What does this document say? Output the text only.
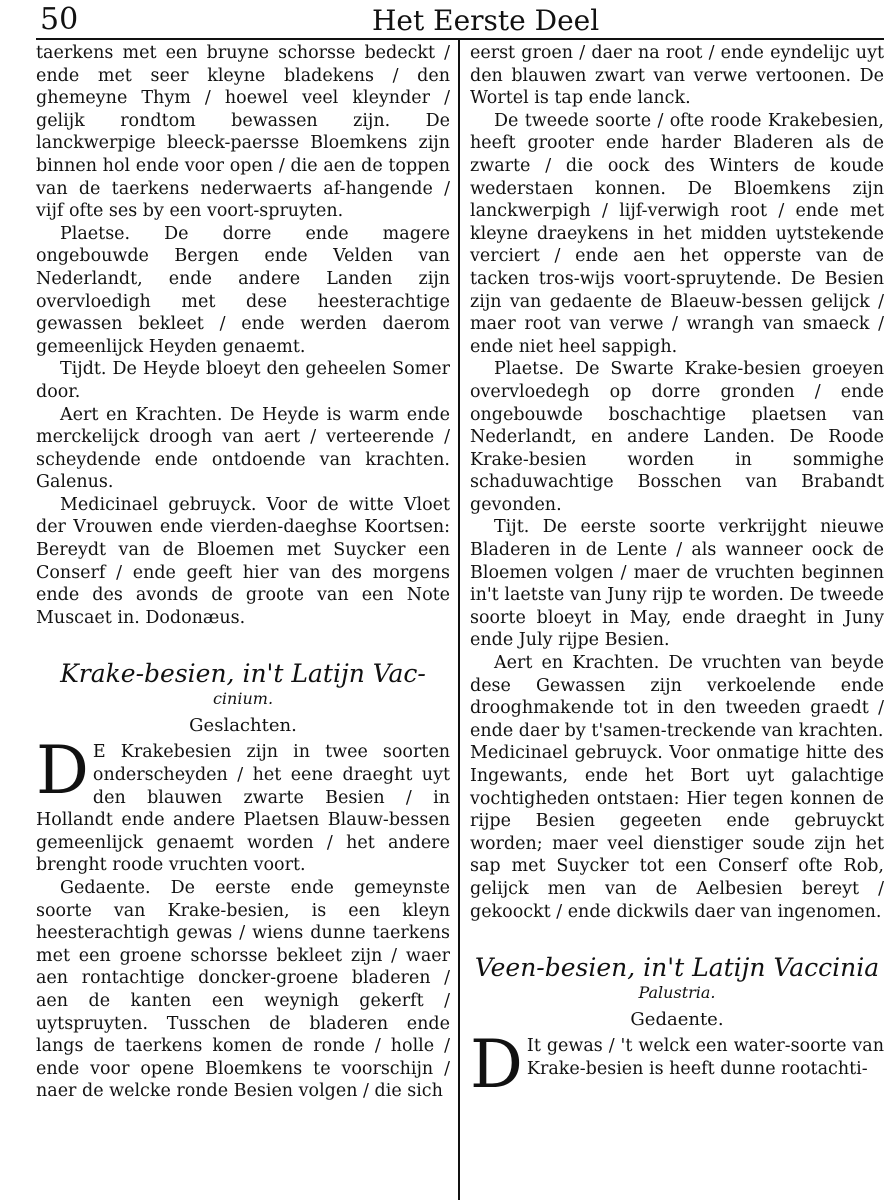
50	Het Eerste Deel

taerkens met een bruyne schorsse bedeckt / ende met seer kleyne bladekens / den ghemeyne Thym / hoewel veel kleynder / gelijk rondtom bewassen zijn. De lanckwerpige bleeck-paersse Bloemkens zijn binnen hol ende voor open / die aen de toppen van de taerkens nederwaerts af-hangende / vijf ofte ses by een voort-spruyten.

Plaetse. De dorre ende magere ongebouwde Bergen ende Velden van Nederlandt, ende andere Landen zijn overvloedigh met dese heesterachtige gewassen bekleet / ende werden daerom gemeenlijck Heyden genaemt.

Tijdt. De Heyde bloeyt den geheelen Somer door.

Aert en Krachten. De Heyde is warm ende merckelijck droogh van aert / verteerende / scheydende ende ontdoende van krachten. Galenus.

Medicinael gebruyck. Voor de witte Vloet der Vrouwen ende vierden-daeghse Koortsen: Bereydt van de Bloemen met Suycker een Conserf / ende geeft hier van des morgens ende des avonds de groote van een Note Muscaet in. Dodonæus.

Krake-besien, in't Latijn Vac-

cinium.

Geslachten.

D E Krakebesien zijn in twee soorten onderscheyden / het eene draeght uyt den blauwen zwarte Besien / in Hollandt ende andere Plaetsen Blauw-bessen gemeenlijck genaemt worden / het andere brenght roode vruchten voort.

Gedaente. De eerste ende gemeynste soorte van Krake-besien, is een kleyn heesterachtigh gewas / wiens dunne taerkens met een groene schorsse bekleet zijn / waer aen rontachtige doncker-groene bladeren / aen de kanten een weynigh gekerft / uytspruyten. Tusschen de bladeren ende langs de taerkens komen de ronde / holle / ende voor opene Bloemkens te voorschijn / naer de welcke ronde Besien volgen / die sich

eerst groen / daer na root / ende eyndelijc uyt den blauwen zwart van verwe vertoonen. De Wortel is tap ende lanck.

De tweede soorte / ofte roode Krakebesien, heeft grooter ende harder Bladeren als de zwarte / die oock des Winters de koude wederstaen konnen. De Bloemkens zijn lanckwerpigh / lijf-verwigh root / ende met kleyne draeykens in het midden uytstekende verciert / ende aen het opperste van de tacken tros-wijs voort-spruytende. De Besien zijn van gedaente de Blaeuw-bessen gelijck / maer root van verwe / wrangh van smaeck / ende niet heel sappigh.

Plaetse. De Swarte Krake-besien groeyen overvloedegh op dorre gronden / ende ongebouwde boschachtige plaetsen van Nederlandt, en andere Landen. De Roode Krake-besien worden in sommighe schaduwachtige Bosschen van Brabandt gevonden.

Tijt. De eerste soorte verkrijght nieuwe Bladeren in de Lente / als wanneer oock de Bloemen volgen / maer de vruchten beginnen in't laetste van Juny rijp te worden. De tweede soorte bloeyt in May, ende draeght in Juny ende July rijpe Besien.

Aert en Krachten. De vruchten van beyde dese Gewassen zijn verkoelende ende drooghmakende tot in den tweeden graedt / ende daer by t'samen-treckende van krachten.

Medicinael gebruyck. Voor onmatige hitte des Ingewants, ende het Bort uyt galachtige vochtigheden ontstaen: Hier tegen konnen de rijpe Besien gegeeten ende gebruyckt worden; maer veel dienstiger soude zijn het sap met Suycker tot een Conserf ofte Rob, gelijck men van de Aelbesien bereyt / gekoockt / ende dickwils daer van ingenomen.

Veen-besien, in't Latijn Vaccinia

Palustria.

Gedaente.

D It gewas / 't welck een water-soorte van Krake-besien is heeft dunne rootachti-
